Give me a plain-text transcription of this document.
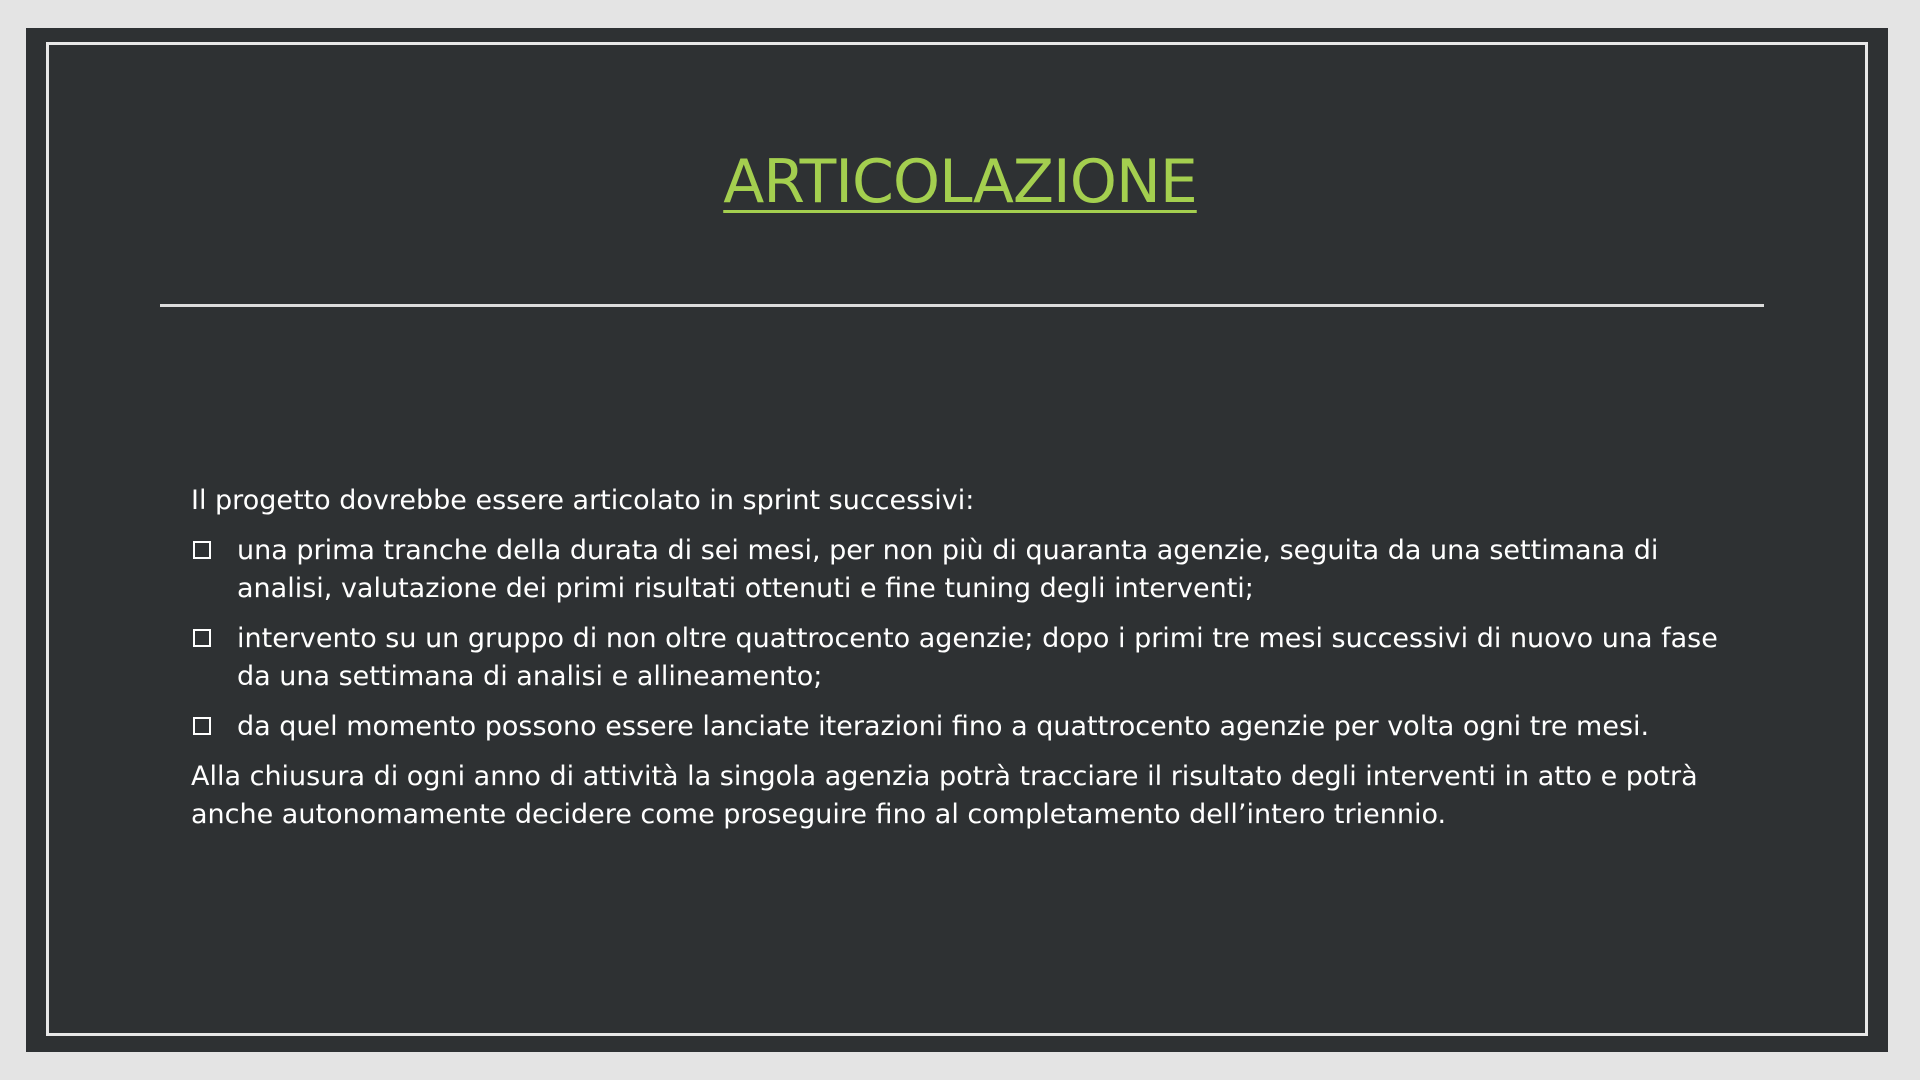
ARTICOLAZIONE

Il progetto dovrebbe essere articolato in sprint successivi:

una prima tranche della durata di sei mesi, per non più di quaranta agenzie, seguita da una settimana di analisi, valutazione dei primi risultati ottenuti e fine tuning degli interventi;
intervento su un gruppo di non oltre quattrocento agenzie; dopo i primi tre mesi successivi di nuovo una fase da una settimana di analisi e allineamento;
da quel momento possono essere lanciate iterazioni fino a quattrocento agenzie per volta ogni tre mesi.

Alla chiusura di ogni anno di attività la singola agenzia potrà tracciare il risultato degli interventi in atto e potrà anche autonomamente decidere come proseguire fino al completamento dell’intero triennio.
